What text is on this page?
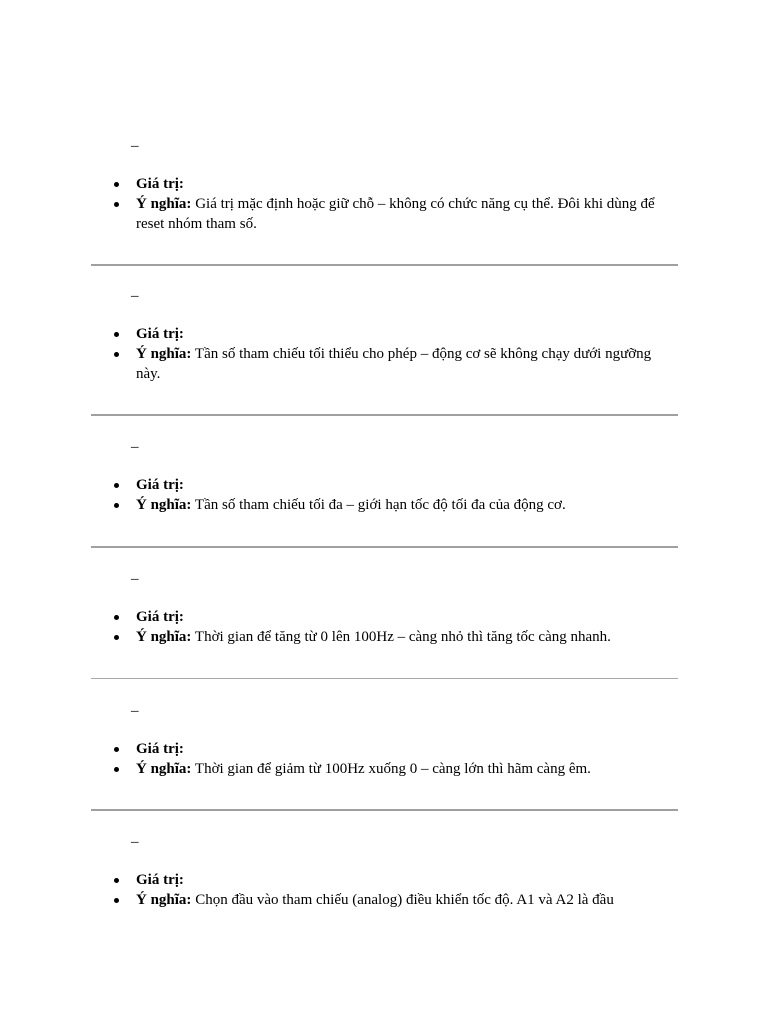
–
Giá trị:
Ý nghĩa: Giá trị mặc định hoặc giữ chỗ – không có chức năng cụ thể. Đôi khi dùng để reset nhóm tham số.
–
Giá trị:
Ý nghĩa: Tần số tham chiếu tối thiểu cho phép – động cơ sẽ không chạy dưới ngưỡng này.
–
Giá trị:
Ý nghĩa: Tần số tham chiếu tối đa – giới hạn tốc độ tối đa của động cơ.
–
Giá trị:
Ý nghĩa: Thời gian để tăng từ 0 lên 100Hz – càng nhỏ thì tăng tốc càng nhanh.
–
Giá trị:
Ý nghĩa: Thời gian để giảm từ 100Hz xuống 0 – càng lớn thì hãm càng êm.
–
Giá trị:
Ý nghĩa: Chọn đầu vào tham chiếu (analog) điều khiển tốc độ. A1 và A2 là đầu
